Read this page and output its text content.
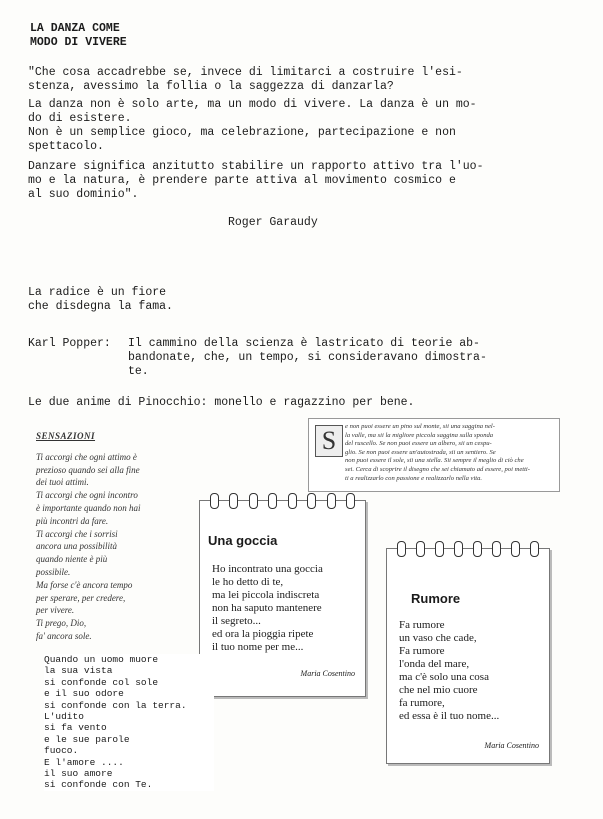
LA DANZA COME
MODO DI VIVERE
"Che cosa accadrebbe se, invece di limitarci a costruire l'esi-
stenza, avessimo la follia o la saggezza di danzarla?
La danza non è solo arte, ma un modo di vivere. La danza è un mo-
do di esistere.
Non è un semplice gioco, ma celebrazione, partecipazione e non
spettacolo.
Danzare significa anzitutto stabilire un rapporto attivo tra l'uo-
mo e la natura, è prendere parte attiva al movimento cosmico e
al suo dominio".
Roger Garaudy
La radice è un fiore
che disdegna la fama.
Karl Popper: Il cammino della scienza è lastricato di teorie ab-
bandonate, che, un tempo, si consideravano dimostra-
te.
Le due anime di Pinocchio: monello e ragazzino per bene.
SENSAZIONI
Ti accorgi che ogni attimo è
prezioso quando sei alla fine
dei tuoi attimi.
Ti accorgi che ogni incontro
è importante quando non hai
più incontri da fare.
Ti accorgi che i sorrisi
ancora una possibilità
quando niente è più
possibile.
Ma forse c'è ancora tempo
per sperare, per credere,
per vivere.
Ti prego, Dio,
fa' ancora sole.
S	e non puoi essere un pino sul monte, sii una saggina nel-
la valle, ma sii la migliore piccola saggina sulla sponda
del ruscello. Se non puoi essere un albero, sii un cespu-
glio. Se non puoi essere un'autostrada, sii un sentiero. Se
non puoi essere il sole, sii una stella. Sii sempre il meglio di ciò che
sei. Cerca di scoprire il disegno che sei chiamato ad essere, poi metti-
ti a realizzarlo con passione e realizzarlo nella vita.
Una goccia
Ho incontrato una goccia
le ho detto di te,
ma lei piccola indiscreta
non ha saputo mantenere
il segreto...
ed ora la pioggia ripete
il tuo nome per me...
Maria Cosentino
Rumore
Fa rumore
un vaso che cade,
Fa rumore
l'onda del mare,
ma c'è solo una cosa
che nel mio cuore
fa rumore,
ed essa è il tuo nome...
Maria Cosentino
Quando un uomo muore
la sua vista
si confonde col sole
e il suo odore
si confonde con la terra.
L'udito
si fa vento
e le sue parole
fuoco.
E l'amore ....
il suo amore
si confonde con Te.
